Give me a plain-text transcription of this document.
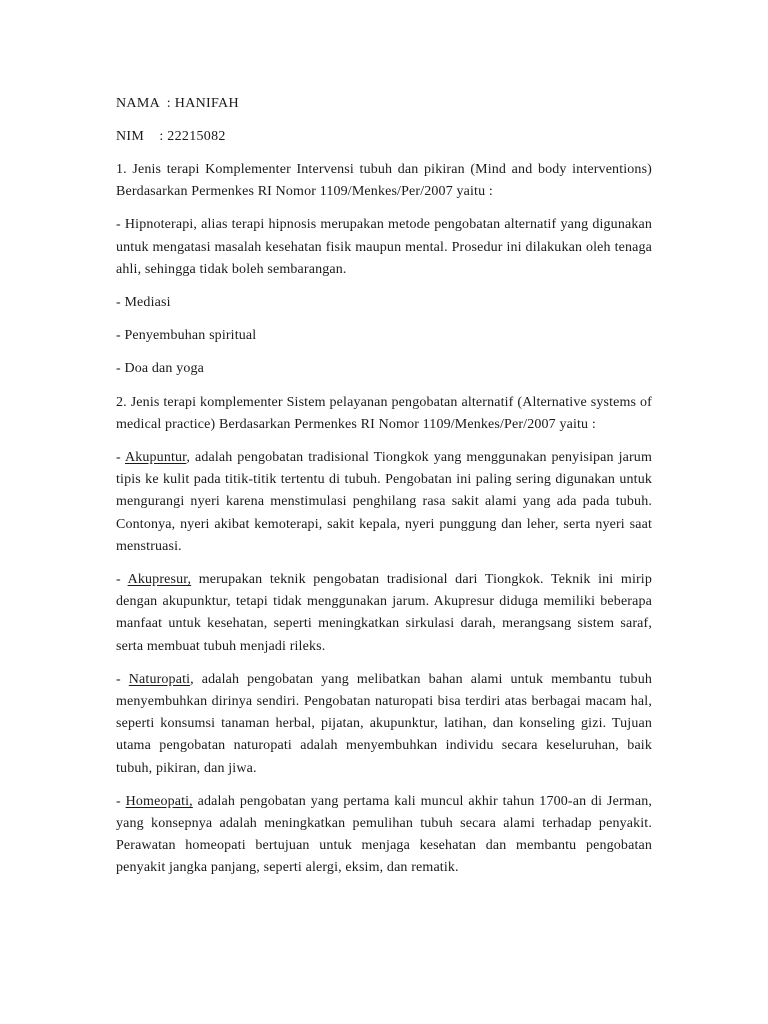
NAMA  : HANIFAH

NIM    : 22215082

1. Jenis terapi Komplementer Intervensi tubuh dan pikiran (Mind and body interventions) Berdasarkan Permenkes RI Nomor 1109/Menkes/Per/2007 yaitu :

- Hipnoterapi, alias terapi hipnosis merupakan metode pengobatan alternatif yang digunakan untuk mengatasi masalah kesehatan fisik maupun mental. Prosedur ini dilakukan oleh tenaga ahli, sehingga tidak boleh sembarangan.

- Mediasi

- Penyembuhan spiritual

- Doa dan yoga

2. Jenis terapi komplementer Sistem pelayanan pengobatan alternatif (Alternative systems of medical practice) Berdasarkan Permenkes RI Nomor 1109/Menkes/Per/2007 yaitu :

- Akupuntur, adalah pengobatan tradisional Tiongkok yang menggunakan penyisipan jarum tipis ke kulit pada titik-titik tertentu di tubuh. Pengobatan ini paling sering digunakan untuk mengurangi nyeri karena menstimulasi penghilang rasa sakit alami yang ada pada tubuh. Contonya, nyeri akibat kemoterapi, sakit kepala, nyeri punggung dan leher, serta nyeri saat menstruasi.

- Akupresur, merupakan teknik pengobatan tradisional dari Tiongkok. Teknik ini mirip dengan akupunktur, tetapi tidak menggunakan jarum. Akupresur diduga memiliki beberapa manfaat untuk kesehatan, seperti meningkatkan sirkulasi darah, merangsang sistem saraf, serta membuat tubuh menjadi rileks.

- Naturopati, adalah pengobatan yang melibatkan bahan alami untuk membantu tubuh menyembuhkan dirinya sendiri. Pengobatan naturopati bisa terdiri atas berbagai macam hal, seperti konsumsi tanaman herbal, pijatan, akupunktur, latihan, dan konseling gizi. Tujuan utama pengobatan naturopati adalah menyembuhkan individu secara keseluruhan, baik tubuh, pikiran, dan jiwa.

- Homeopati, adalah pengobatan yang pertama kali muncul akhir tahun 1700-an di Jerman, yang konsepnya adalah meningkatkan pemulihan tubuh secara alami terhadap penyakit. Perawatan homeopati bertujuan untuk menjaga kesehatan dan membantu pengobatan penyakit jangka panjang, seperti alergi, eksim, dan rematik.
